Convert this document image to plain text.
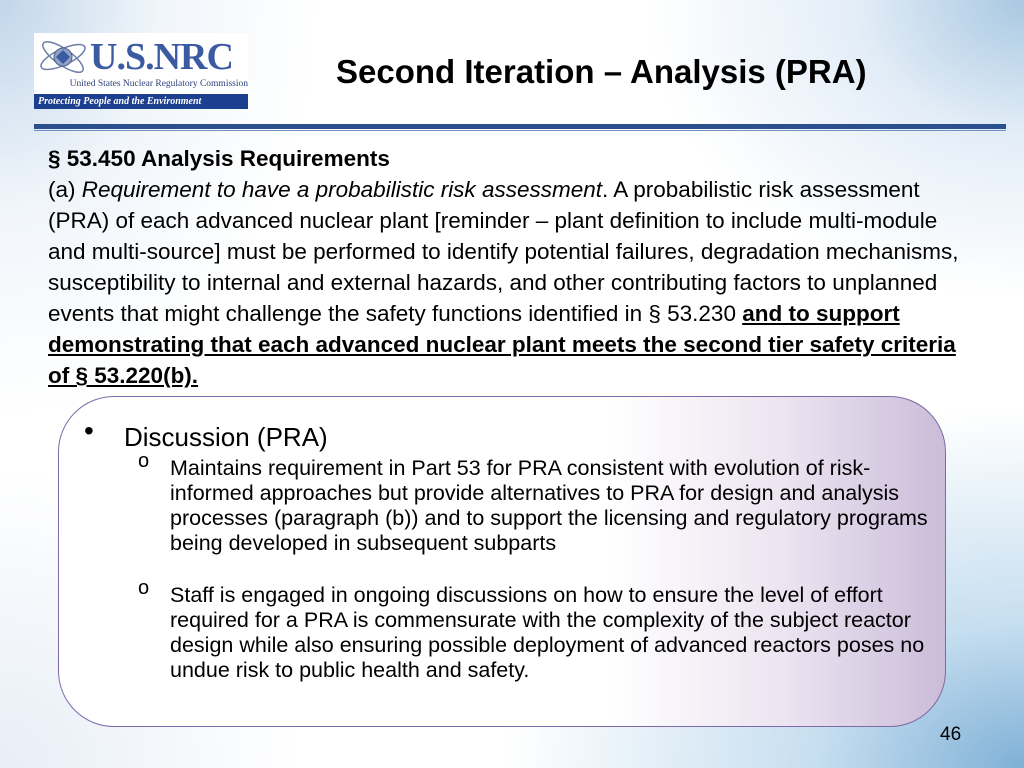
U.S.NRC
United States Nuclear Regulatory Commission
Protecting People and the Environment
Second Iteration – Analysis (PRA)
§ 53.450 Analysis Requirements
(a) Requirement to have a probabilistic risk assessment. A probabilistic risk assessment (PRA) of each advanced nuclear plant [reminder – plant definition to include multi-module and multi-source] must be performed to identify potential failures, degradation mechanisms, susceptibility to internal and external hazards, and other contributing factors to unplanned events that might challenge the safety functions identified in § 53.230 and to support demonstrating that each advanced nuclear plant meets the second tier safety criteria of § 53.220(b).
• Discussion (PRA)
o Maintains requirement in Part 53 for PRA consistent with evolution of risk-informed approaches but provide alternatives to PRA for design and analysis processes (paragraph (b)) and to support the licensing and regulatory programs being developed in subsequent subparts
o Staff is engaged in ongoing discussions on how to ensure the level of effort required for a PRA is commensurate with the complexity of the subject reactor design while also ensuring possible deployment of advanced reactors poses no undue risk to public health and safety.
46
